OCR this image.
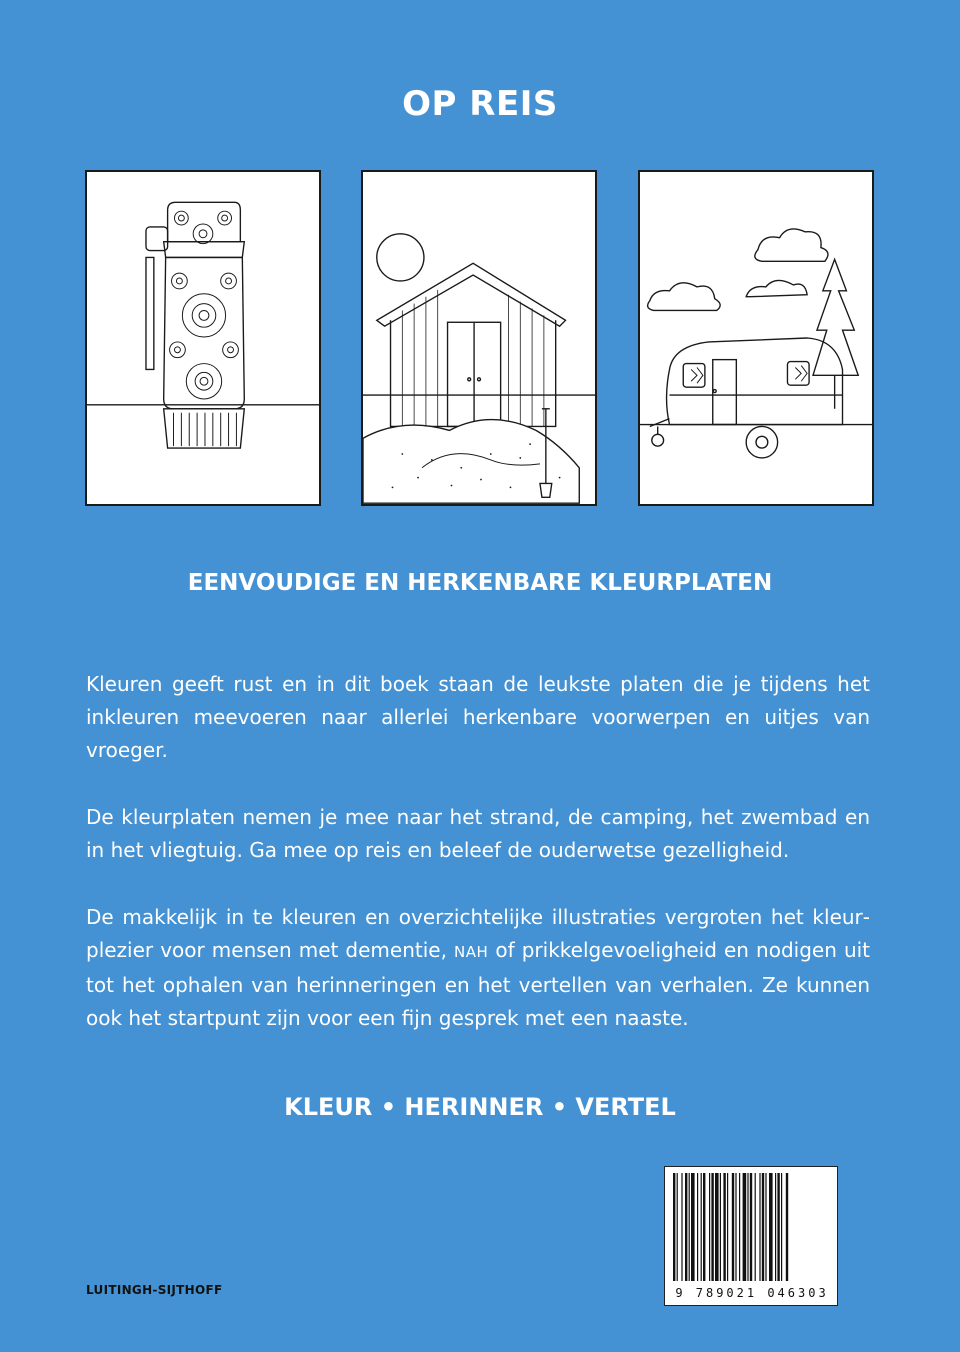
OP REIS
EENVOUDIGE EN HERKENBARE KLEURPLATEN

Kleuren geeft rust en in dit boek staan de leukste platen die je tijdens het inkleuren meevoeren naar allerlei herkenbare voorwerpen en uitjes van vroeger.

De kleurplaten nemen je mee naar het strand, de camping, het zwembad en in het vliegtuig. Ga mee op reis en beleef de ouderwetse gezelligheid.

De makkelijk in te kleuren en overzichtelijke illustraties vergroten het kleurplezier voor mensen met dementie, NAH of prikkelgevoeligheid en nodigen uit tot het ophalen van herinneringen en het vertellen van verhalen. Ze kunnen ook het startpunt zijn voor een fijn gesprek met een naaste.

KLEUR • HERINNER • VERTEL
LUITINGH-SIJTHOFF	9 789021 046303
